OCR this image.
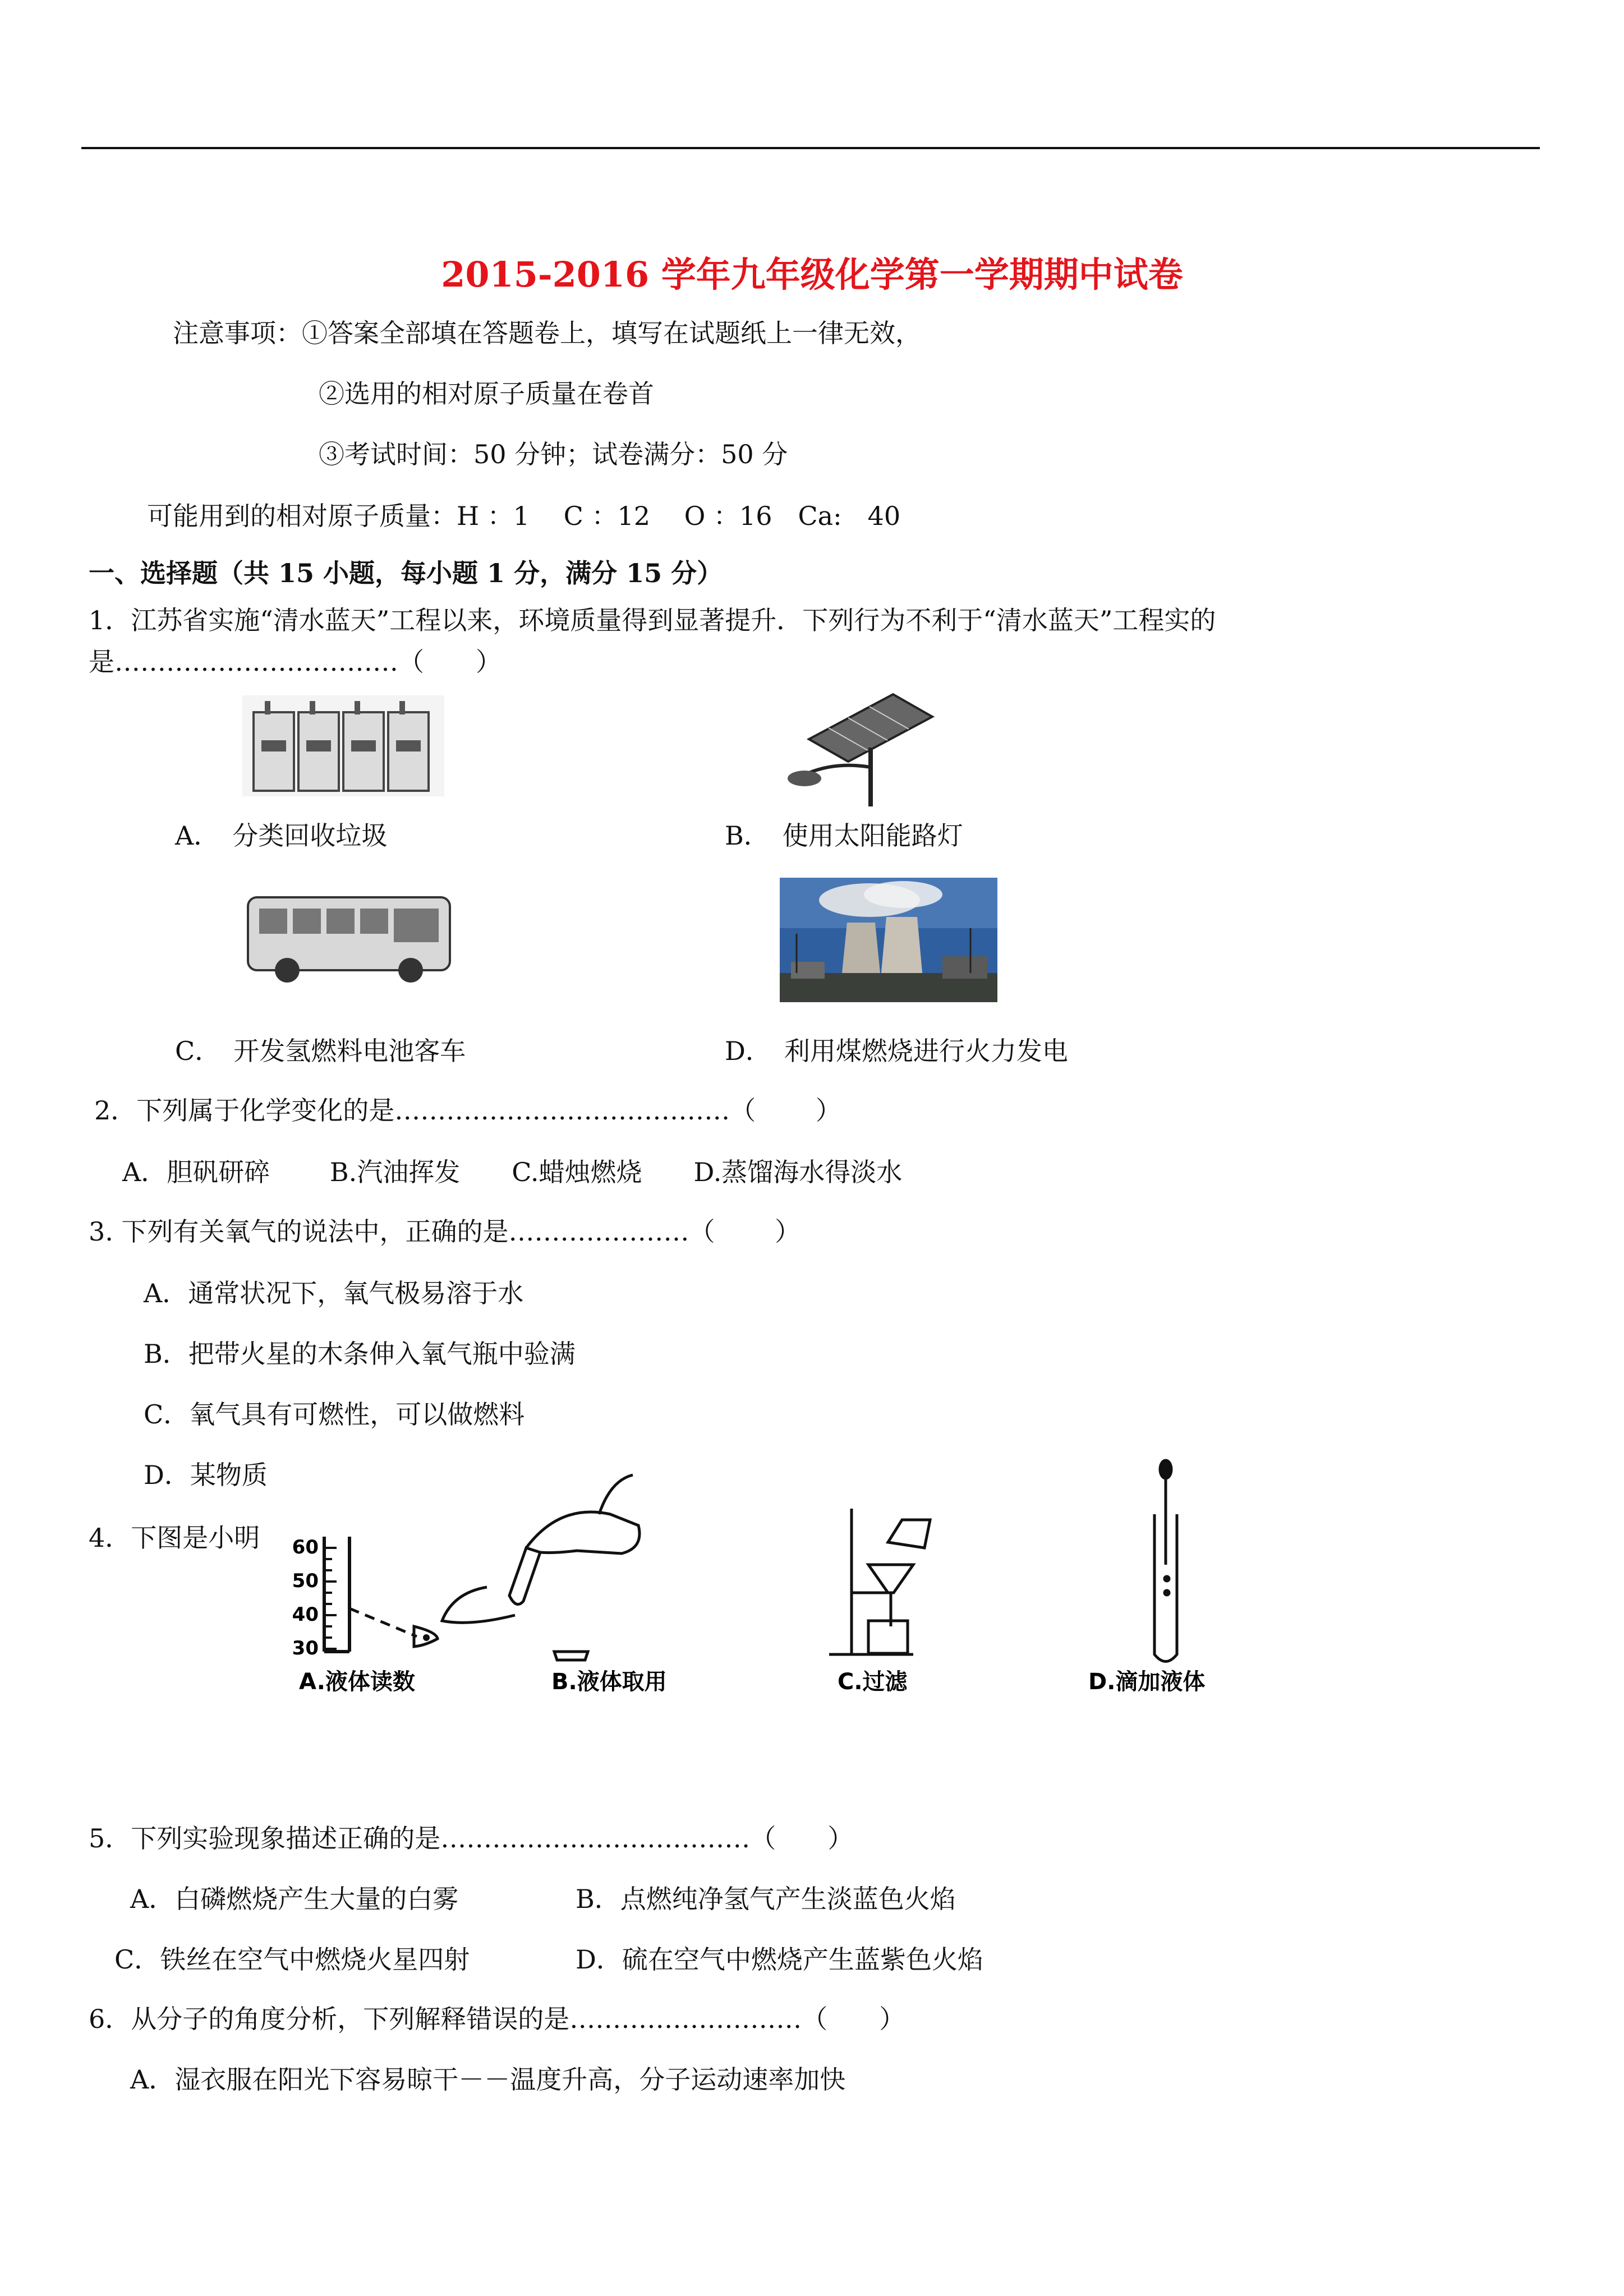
2015-2016 学年九年级化学第一学期期中试卷
注意事项：①答案全部填在答题卷上，填写在试题纸上一律无效，
②选用的相对原子质量在卷首
③考试时间：50 分钟；试卷满分：50 分
可能用到的相对原子质量：H ：1　 C ：12　 O ：16　Ca:　40
一、选择题（共 15 小题，每小题 1 分，满分 15 分）
1．江苏省实施“清水蓝天”工程以来，环境质量得到显著提升．下列行为不利于“清水蓝天”工程实的
是……………………………（　　）
A．　分类回收垃圾	B．　使用太阳能路灯
C．　开发氢燃料电池客车	D．　利用煤燃烧进行火力发电
2．下列属于化学变化的是…………………………………（　　 ）
A．胆矾研碎　　 B.汽油挥发　　C.蜡烛燃烧　　D.蒸馏海水得淡水
3. 下列有关氧气的说法中，正确的是…………………（　　 ）
A．通常状况下，氧气极易溶于水
B．把带火星的木条伸入氧气瓶中验满
C．氧气具有可燃性，可以做燃料
D．某物质
4．下图是小明 60
50
40
30
A.液体读数	B.液体取用	C.过滤	D.滴加液体
5．下列实验现象描述正确的是………………………………（　　）
A．白磷燃烧产生大量的白雾	B．点燃纯净氢气产生淡蓝色火焰
C．铁丝在空气中燃烧火星四射	D．硫在空气中燃烧产生蓝紫色火焰
6．从分子的角度分析，下列解释错误的是………………………（　　）
A．湿衣服在阳光下容易晾干－－温度升高，分子运动速率加快
